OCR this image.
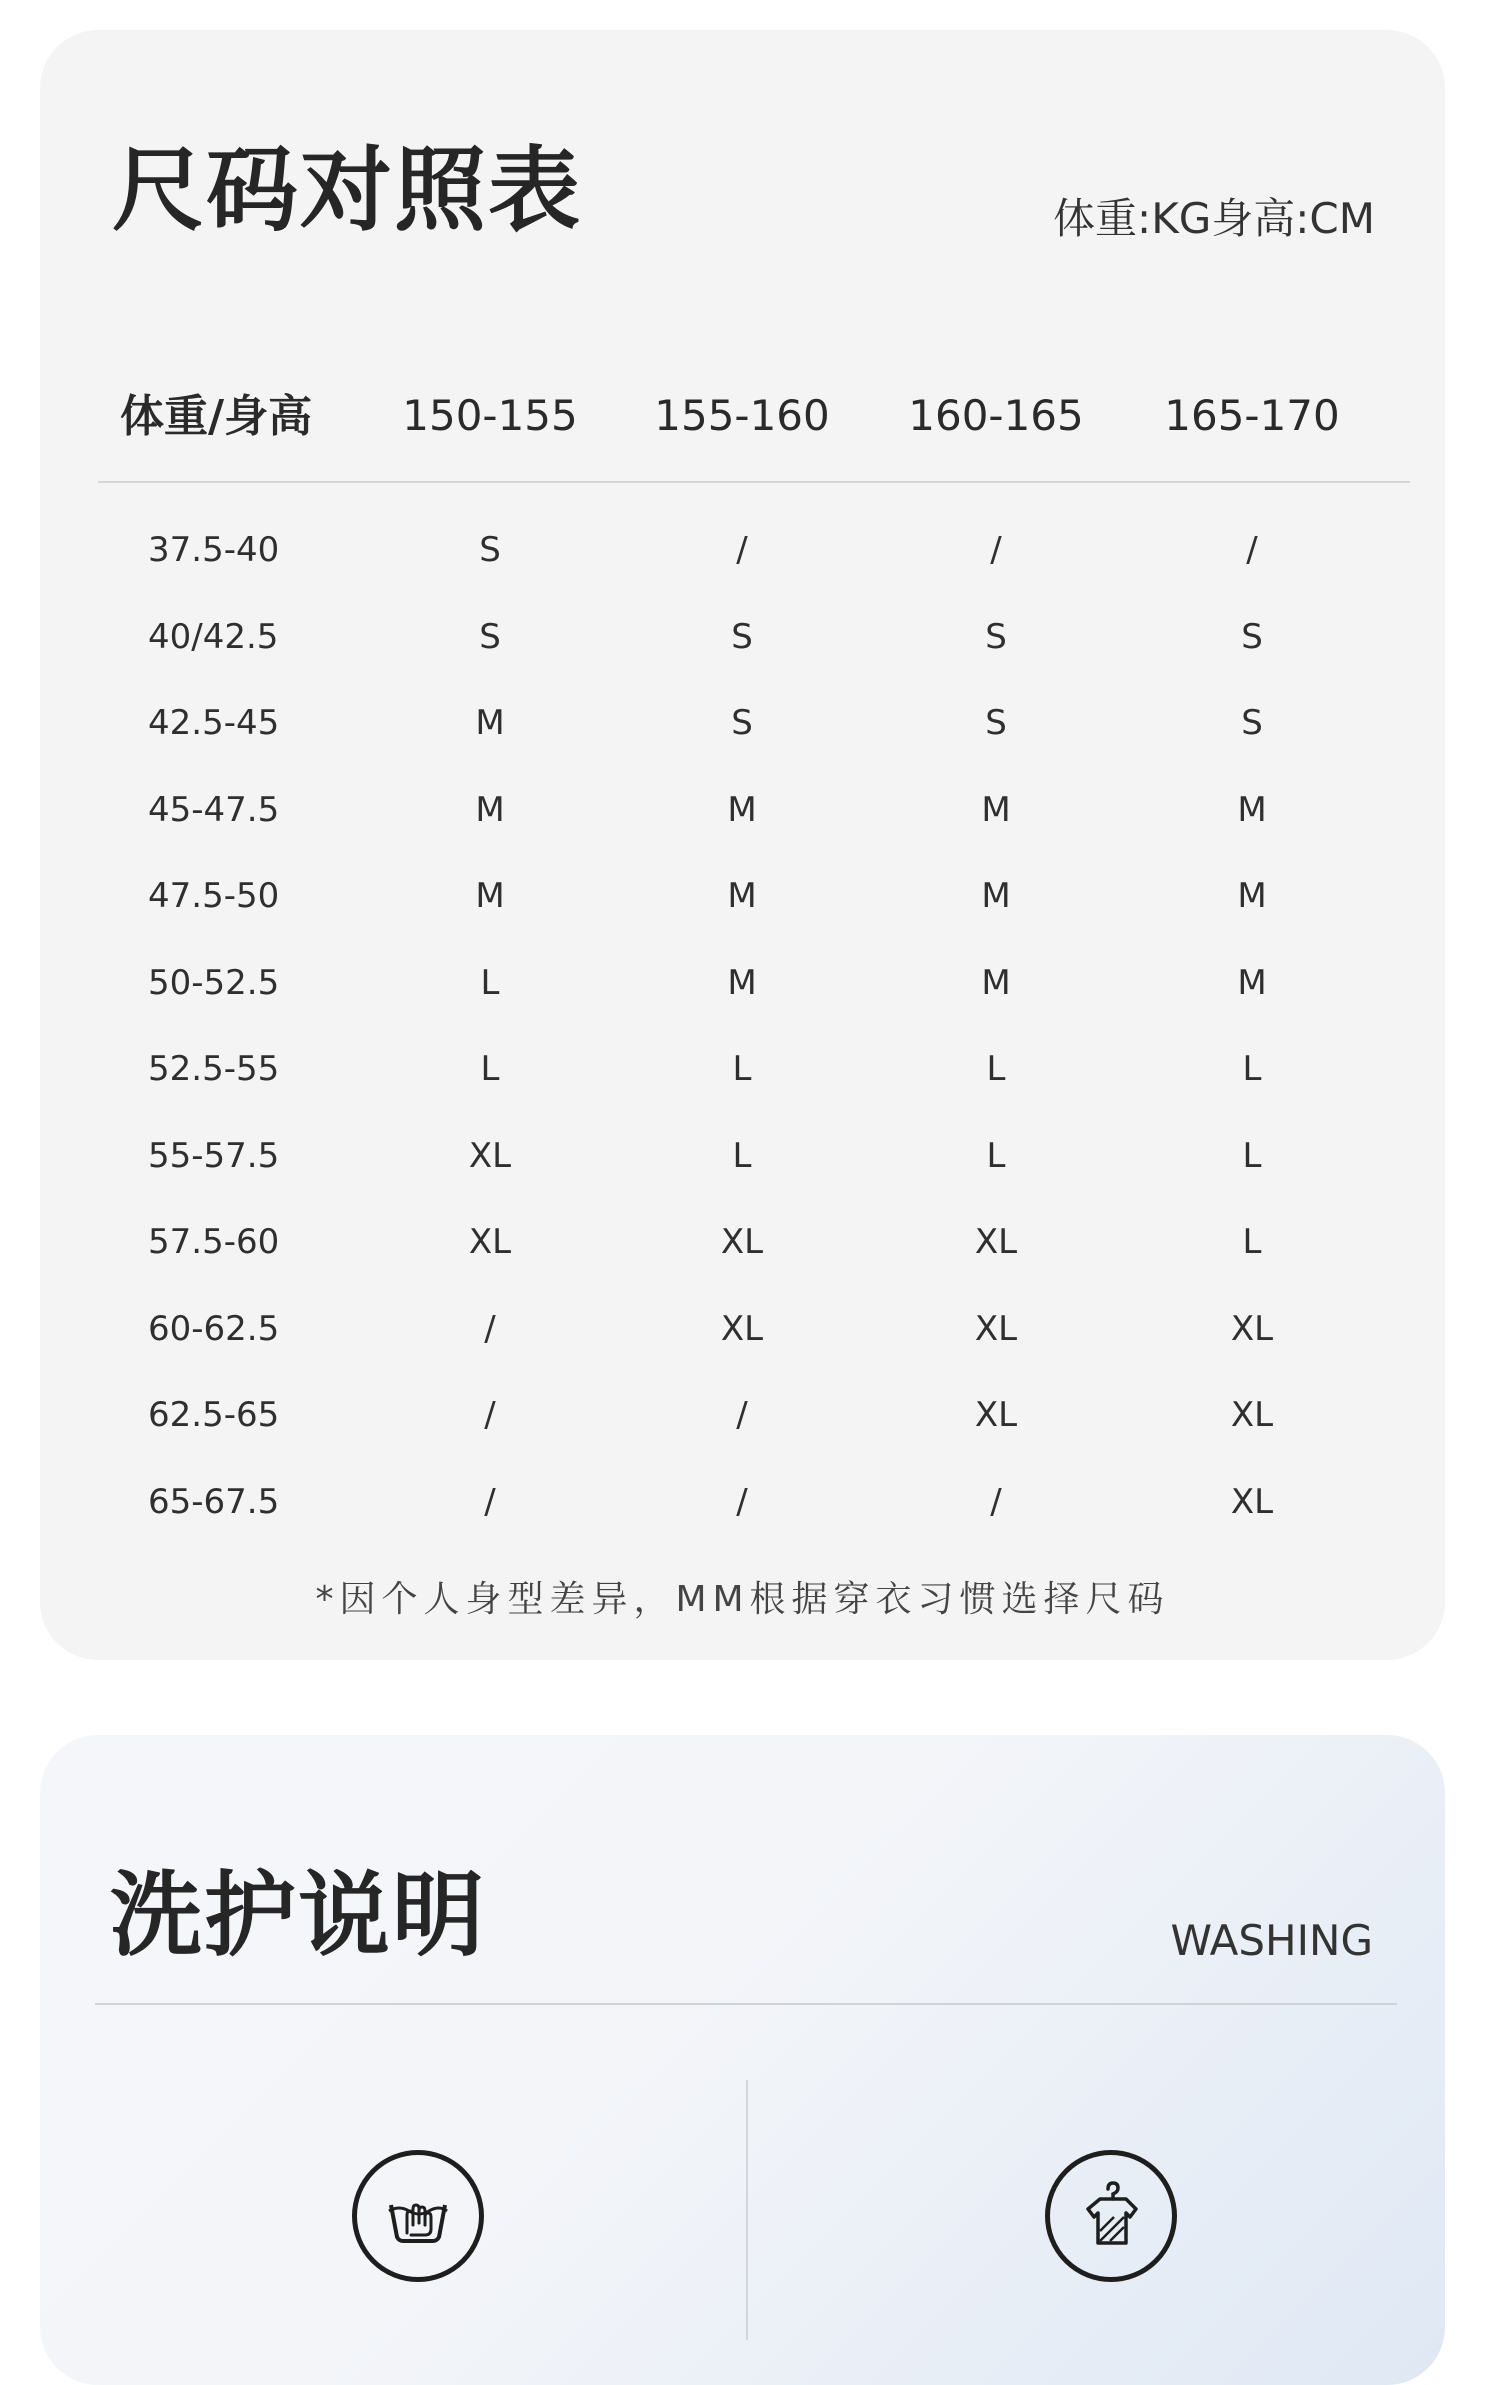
尺码对照表	体重:KG身高:CM
体重/身高	150-155 155-160 160-165 165-170
37.5-40	S	/	/	/
40/42.5	S	S	S	S
42.5-45	M	S	S	S
45-47.5	M	M	M	M
47.5-50	M	M	M	M
50-52.5	L	M	M	M
52.5-55	L	L	L	L
55-57.5	XL	L	L	L
57.5-60	XL	XL	XL	L
60-62.5	/	XL	XL	XL
62.5-65	/	/	XL	XL
65-67.5	/	/	/	XL
*因个人身型差异，MM根据穿衣习惯选择尺码
洗护说明	WASHING
